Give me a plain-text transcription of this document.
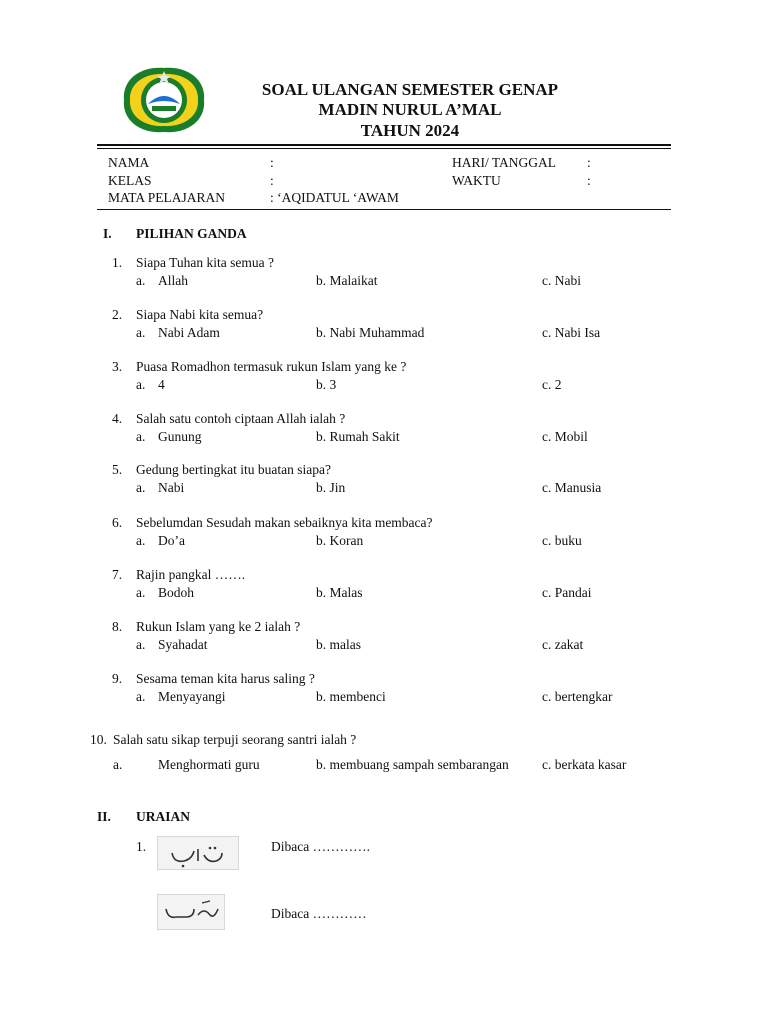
SOAL ULANGAN SEMESTER GENAP
MADIN NURUL A’MAL
TAHUN 2024
NAMA	:	HARI/ TANGGAL :
KELAS	:	WAKTU	:
MATA PELAJARAN	: ‘AQIDATUL ‘AWAM
I. PILIHAN GANDA
1. Siapa Tuhan kita semua ?
a. Allah	b. Malaikat	c. Nabi
2. Siapa Nabi kita semua?
a. Nabi Adam	b. Nabi Muhammad	c. Nabi Isa
3. Puasa Romadhon termasuk rukun Islam yang ke ?
a. 4	b. 3	c. 2
4. Salah satu contoh ciptaan Allah ialah ?
a. Gunung	b. Rumah Sakit	c. Mobil
5. Gedung bertingkat itu buatan siapa?
a. Nabi	b. Jin	c. Manusia
6. Sebelumdan Sesudah makan sebaiknya kita membaca?
a. Do’a	b. Koran	c. buku
7. Rajin pangkal …….
a. Bodoh	b. Malas	c. Pandai
8. Rukun Islam yang ke 2 ialah ?
a. Syahadat	b. malas	c. zakat
9. Sesama teman kita harus saling ?
a. Menyayangi	b. membenci	c. bertengkar
10. Salah satu sikap terpuji seorang santri ialah ?
a.	Menghormati guru	b. membuang sampah sembarangan c. berkata kasar
II. URAIAN
1.	Dibaca ………….
Dibaca …………
